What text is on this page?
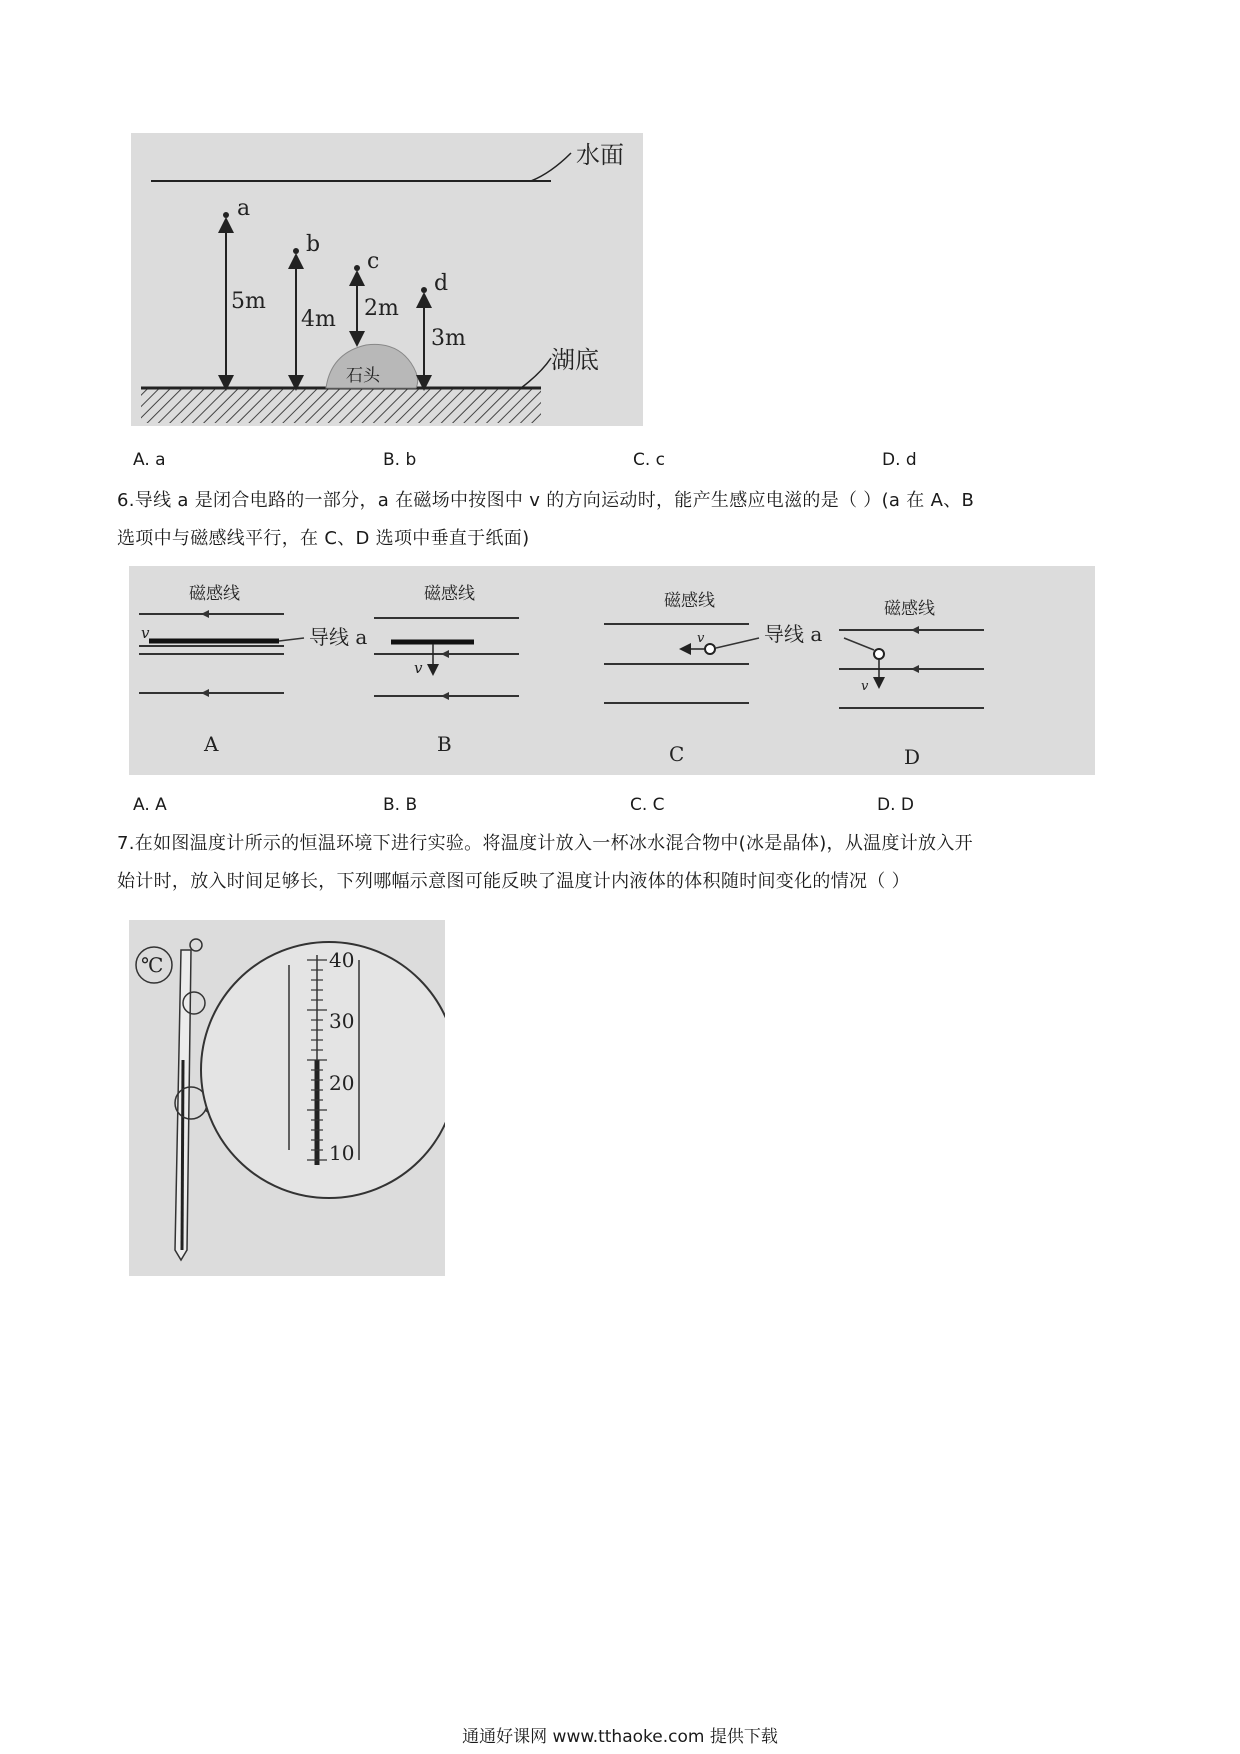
水面
湖底
石头
a
5m
b
4m
c
2m
d
3m
A. a	B. b	C. c	D. d
6.导线 a 是闭合电路的一部分，a 在磁场中按图中 v 的方向运动时，能产生感应电滋的是（ ）(a 在 A、B
选项中与磁感线平行，在 C、D 选项中垂直于纸面)
磁感线
v	导线 a
A
磁感线
v
B
磁感线
v	导线 a
C
磁感线
v
D
A. A	B. B	C. C	D. D
7.在如图温度计所示的恒温环境下进行实验。将温度计放入一杯冰水混合物中(冰是晶体)，从温度计放入开
始计时，放入时间足够长，下列哪幅示意图可能反映了温度计内液体的体积随时间变化的情况（ ）
℃	40
30
20
10
通通好课网 www.tthaoke.com 提供下载
